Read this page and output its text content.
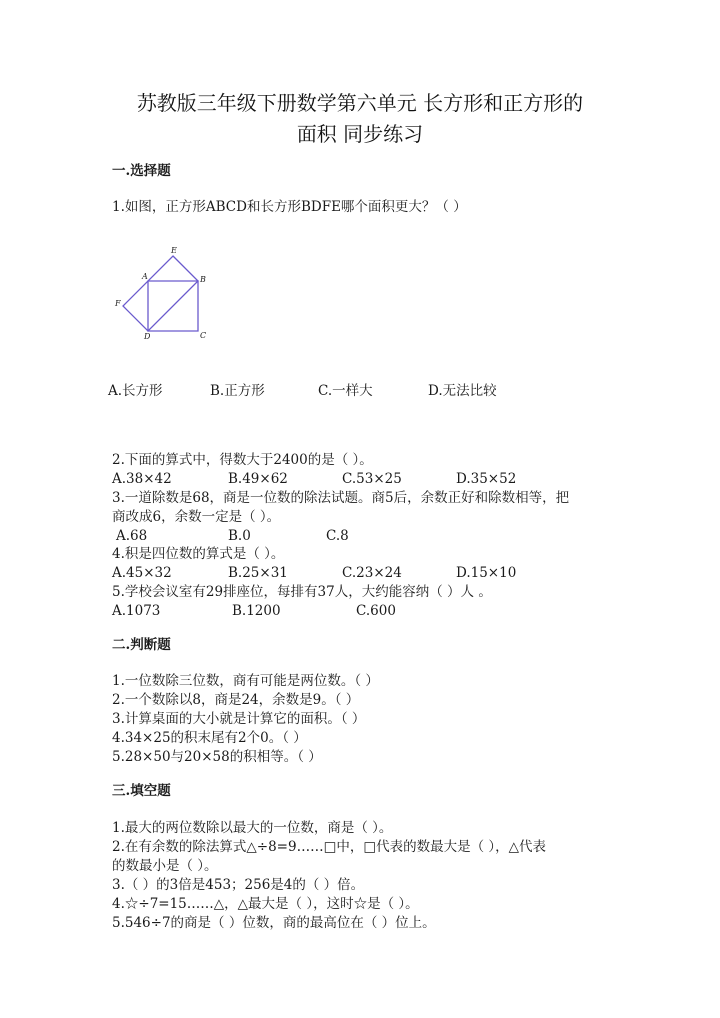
苏教版三年级下册数学第六单元 长方形和正方形的
面积 同步练习
一.选择题
1.如图，正方形ABCD和长方形BDFE哪个面积更大？（ ）
E
A	B
F
D	C
A.长方形	B.正方形	C.一样大	D.无法比较
2.下面的算式中，得数大于2400的是（ ）。
A.38×42	B.49×62	C.53×25	D.35×52
3.一道除数是68，商是一位数的除法试题。商5后，余数正好和除数相等，把
商改成6，余数一定是（ ）。
A.68	B.0	C.8
4.积是四位数的算式是（ ）。
A.45×32	B.25×31	C.23×24	D.15×10
5.学校会议室有29排座位，每排有37人，大约能容纳（ ）人 。
A.1073	B.1200	C.600
二.判断题
1.一位数除三位数，商有可能是两位数。（ ）
2.一个数除以8，商是24，余数是9。（ ）
3.计算桌面的大小就是计算它的面积。（ ）
4.34×25的积末尾有2个0。（ ）
5.28×50与20×58的积相等。（ ）
三.填空题
1.最大的两位数除以最大的一位数，商是（ ）。
2.在有余数的除法算式△÷8=9……□中，□代表的数最大是（ ），△代表
的数最小是（ ）。
3.（ ）的3倍是453；256是4的（ ）倍。
4.☆÷7=15……△，△最大是（ ），这时☆是（ ）。
5.546÷7的商是（ ）位数，商的最高位在（ ）位上。
